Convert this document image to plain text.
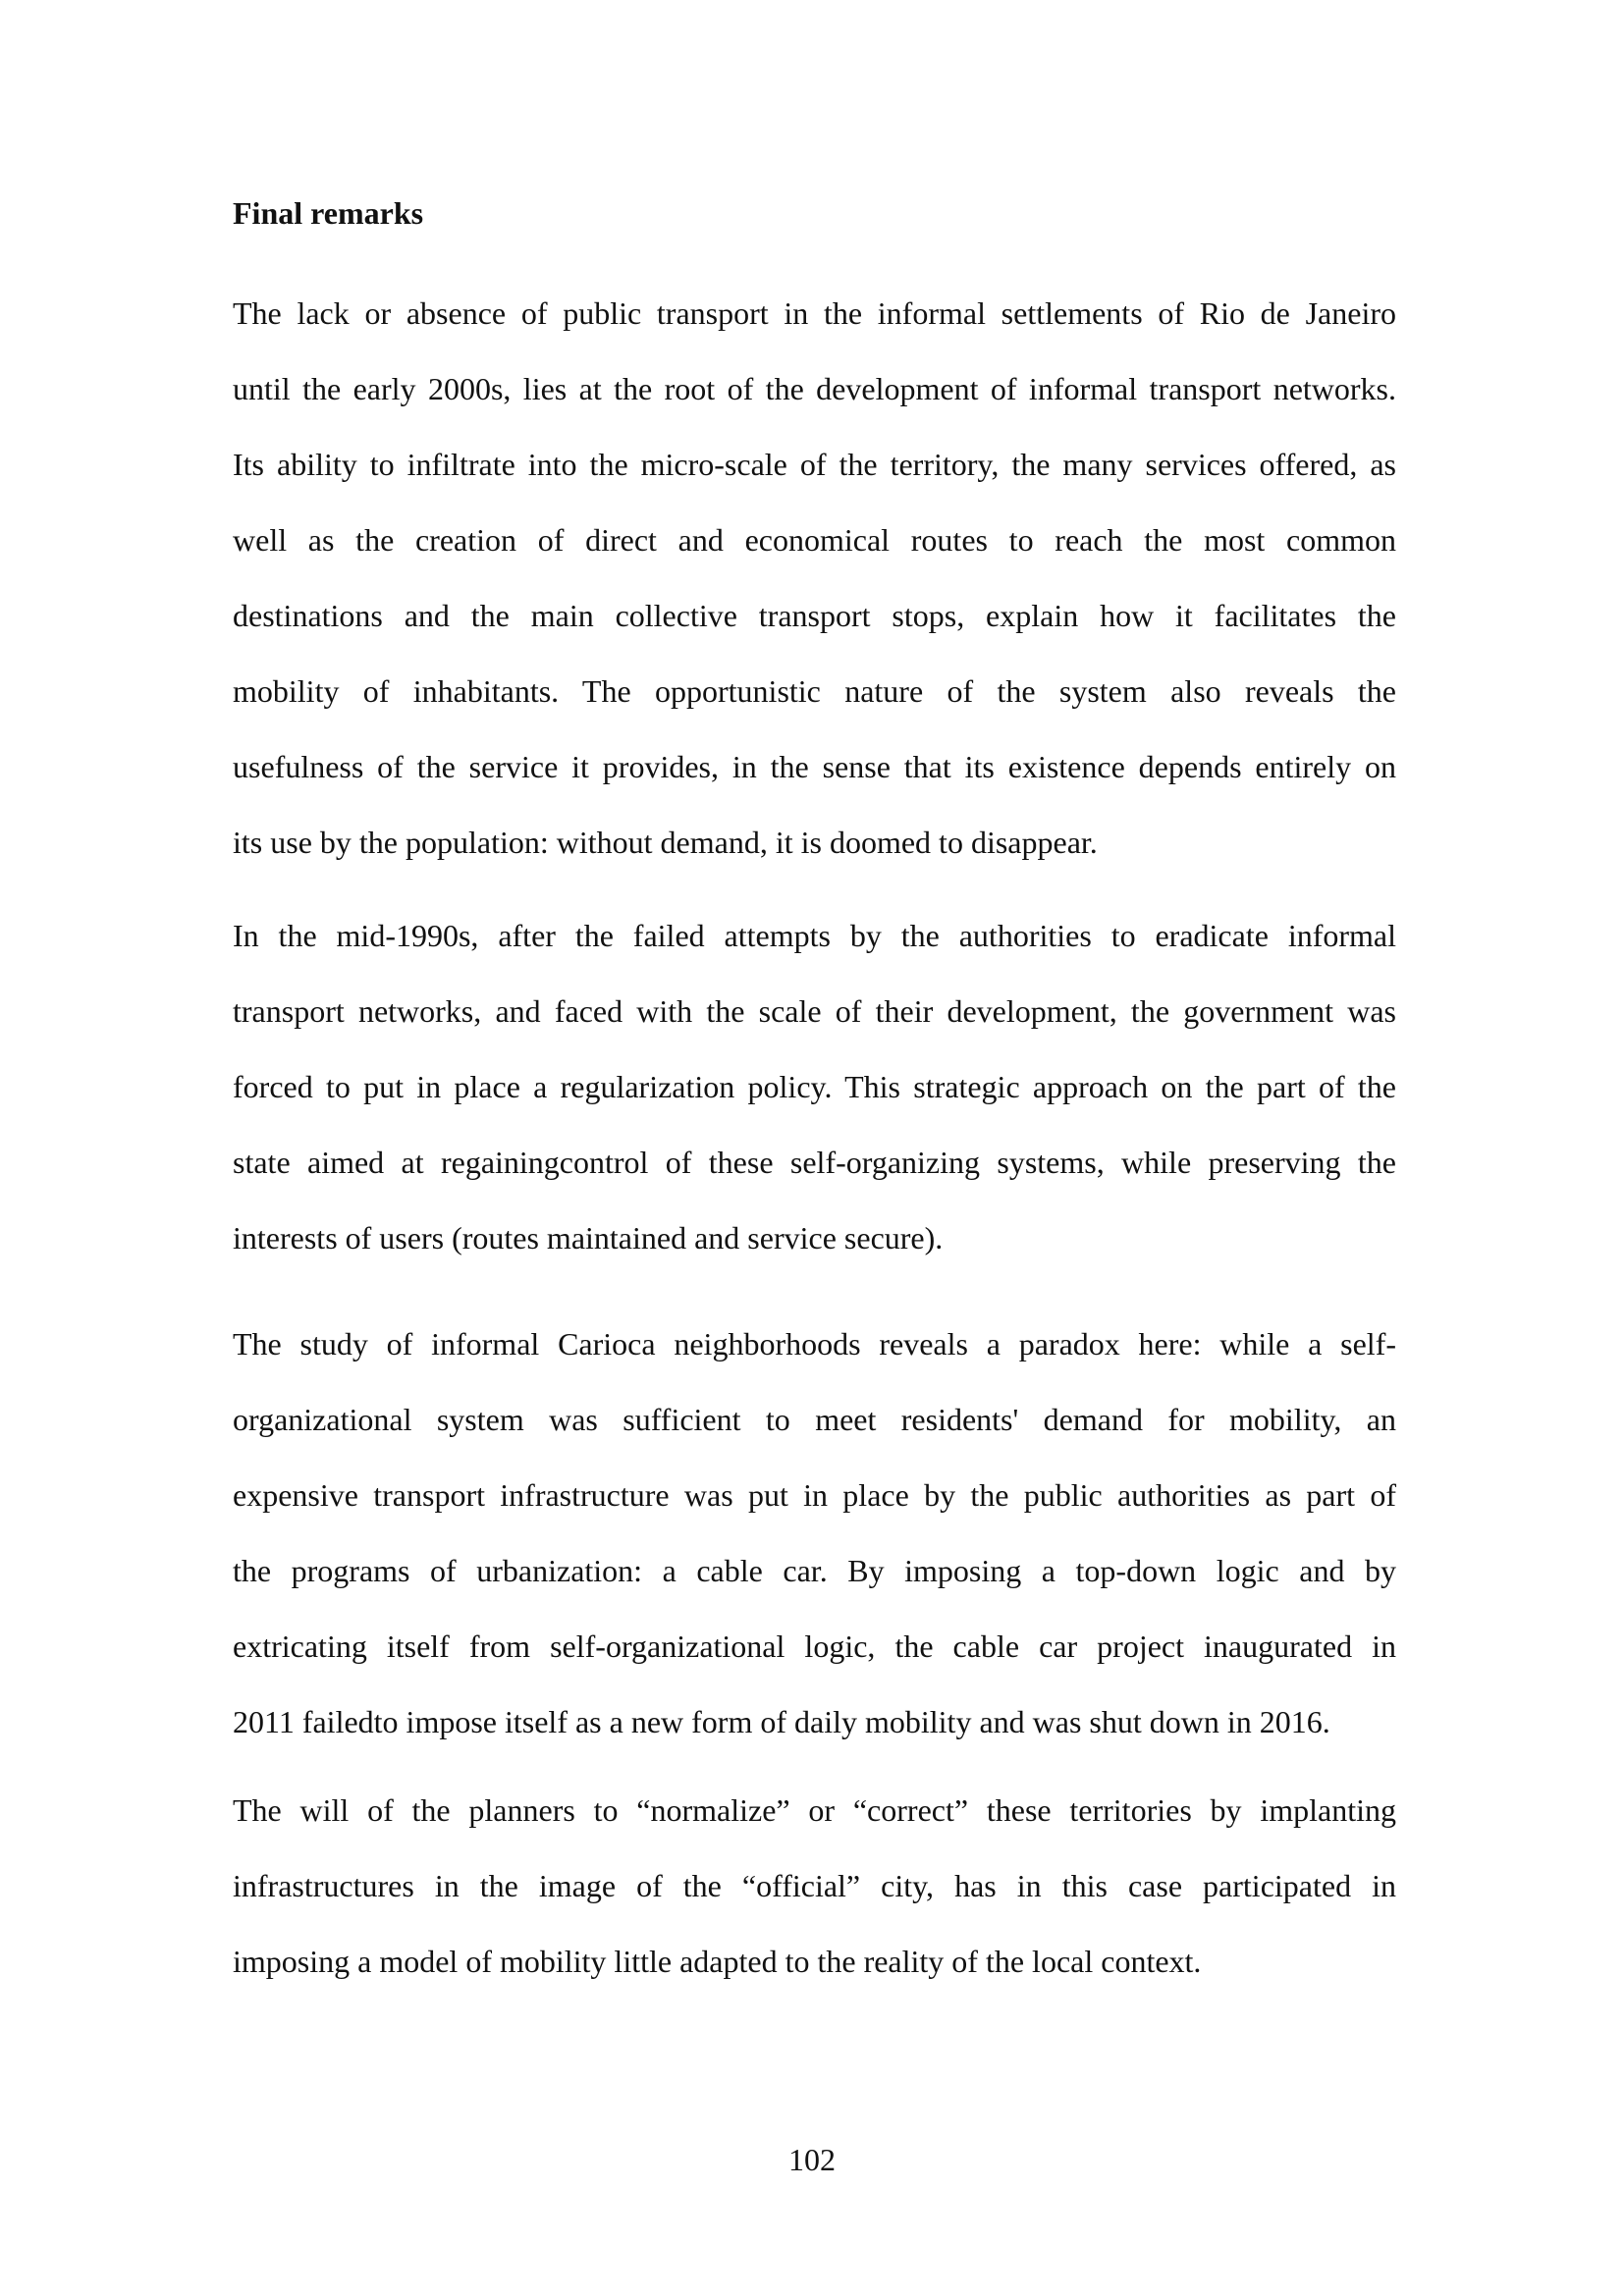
Final remarks
The lack or absence of public transport in the informal settlements of Rio de Janeiro
until the early 2000s, lies at the root of the development of informal transport networks.
Its ability to infiltrate into the micro-scale of the territory, the many services offered, as
well as the creation of direct and economical routes to reach the most common
destinations and the main collective transport stops, explain how it facilitates the
mobility of inhabitants. The opportunistic nature of the system also reveals the
usefulness of the service it provides, in the sense that its existence depends entirely on
its use by the population: without demand, it is doomed to disappear.
In the mid-1990s, after the failed attempts by the authorities to eradicate informal
transport networks, and faced with the scale of their development, the government was
forced to put in place a regularization policy. This strategic approach on the part of the
state aimed at regainingcontrol of these self-organizing systems, while preserving the
interests of users (routes maintained and service secure).
The study of informal Carioca neighborhoods reveals a paradox here: while a self-
organizational system was sufficient to meet residents' demand for mobility, an
expensive transport infrastructure was put in place by the public authorities as part of
the programs of urbanization: a cable car. By imposing a top-down logic and by
extricating itself from self-organizational logic, the cable car project inaugurated in
2011 failedto impose itself as a new form of daily mobility and was shut down in 2016.
The will of the planners to “normalize” or “correct” these territories by implanting
infrastructures in the image of the “official” city, has in this case participated in
imposing a model of mobility little adapted to the reality of the local context.

102
